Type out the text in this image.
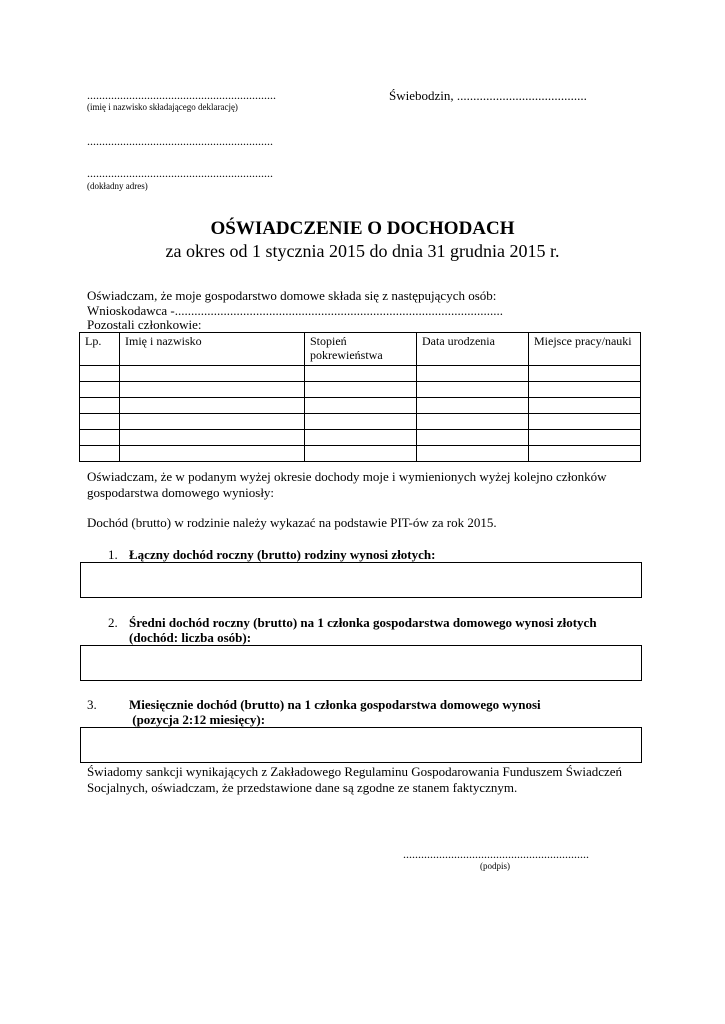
...............................................................
(imię i nazwisko składającego deklarację)
Świebodzin, ........................................
..............................................................
..............................................................
(dokładny adres)
OŚWIADCZENIE O DOCHODACH
za okres od 1 stycznia 2015 do dnia 31 grudnia 2015 r.
Oświadczam, że moje gospodarstwo domowe składa się z następujących osób:
Wnioskodawca -.....................................................................................................
Pozostali członkowie:
Lp.	Imię i nazwisko	Stopień pokrewieństwa	Data urodzenia	Miejsce pracy/nauki

Oświadczam, że w podanym wyżej okresie dochody moje i wymienionych wyżej kolejno członków gospodarstwa domowego wyniosły:
Dochód (brutto) w rodzinie należy wykazać na podstawie PIT-ów za rok 2015.
1. Łączny dochód roczny (brutto) rodziny wynosi złotych:
2. Średni dochód roczny (brutto) na 1 członka gospodarstwa domowego wynosi złotych
(dochód: liczba osób):
3. Miesięcznie dochód (brutto) na 1 członka gospodarstwa domowego wynosi
(pozycja 2:12 miesięcy):
Świadomy sankcji wynikających z Zakładowego Regulaminu Gospodarowania Funduszem Świadczeń Socjalnych, oświadczam, że przedstawione dane są zgodne ze stanem faktycznym.
..............................................................
(podpis)
